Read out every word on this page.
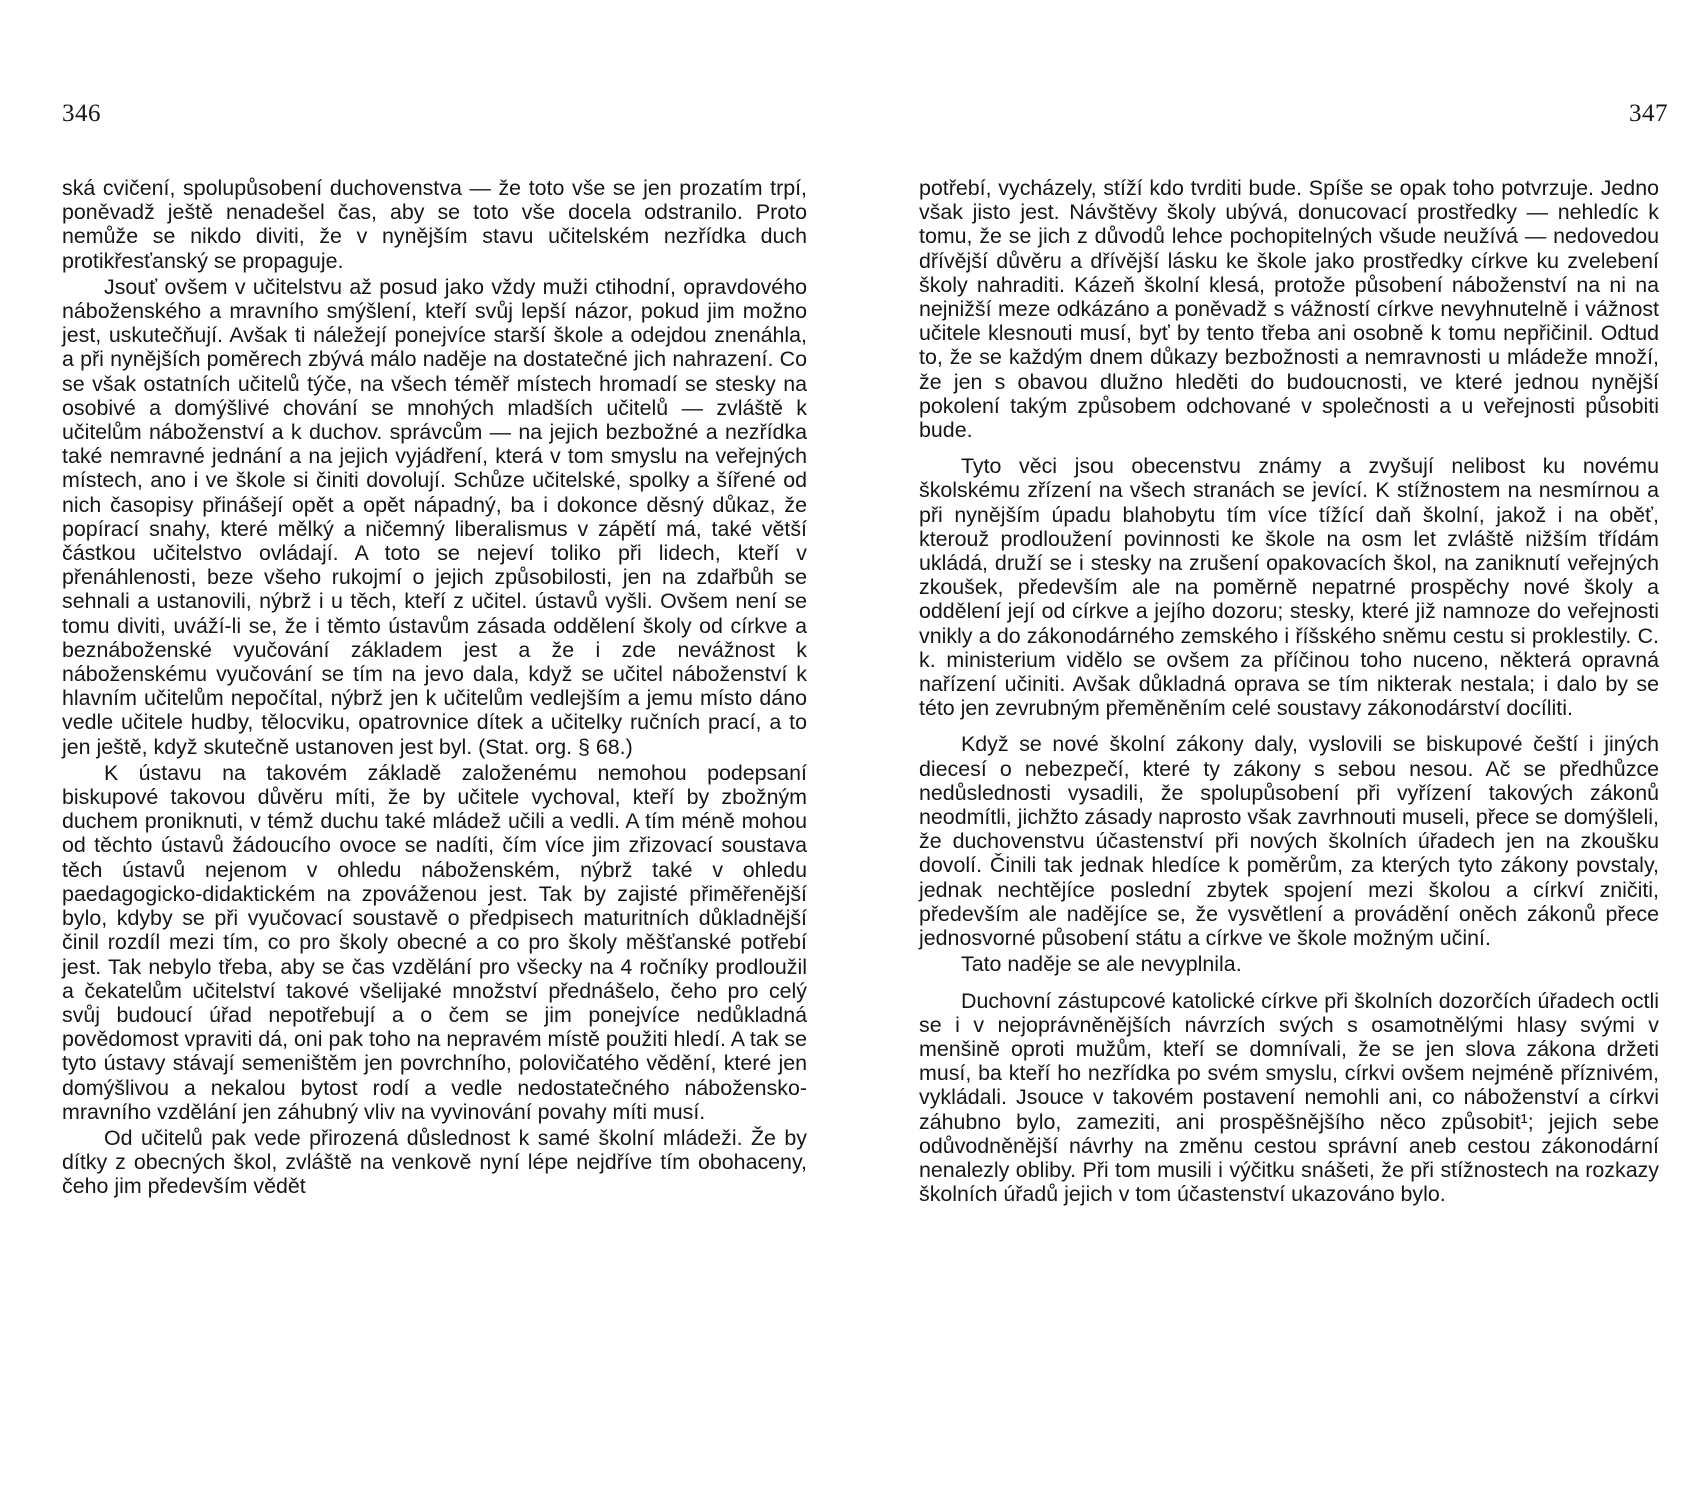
346

ská cvičení, spolupůsobení duchovenstva — že toto vše se jen prozatím trpí, poněvadž ještě nenadešel čas, aby se toto vše docela odstranilo. Proto nemůže se nikdo diviti, že v nynějším stavu učitelském nezřídka duch protikřesťanský se propaguje.

Jsouť ovšem v učitelstvu až posud jako vždy muži ctihodní, opravdového náboženského a mravního smýšlení, kteří svůj lepší názor, pokud jim možno jest, uskutečňují. Avšak ti náležejí ponejvíce starší škole a odejdou znenáhla, a při nynějších poměrech zbývá málo naděje na dostatečné jich nahrazení. Co se však ostatních učitelů týče, na všech téměř místech hromadí se stesky na osobivé a domýšlivé chování se mnohých mladších učitelů — zvláště k učitelům náboženství a k duchov. správcům — na jejich bezbožné a nezřídka také nemravné jednání a na jejich vyjádření, která v tom smyslu na veřejných místech, ano i ve škole si činiti dovolují. Schůze učitelské, spolky a šířené od nich časopisy přinášejí opět a opět nápadný, ba i dokonce děsný důkaz, že popírací snahy, které mělký a ničemný liberalismus v zápětí má, také větší částkou učitelstvo ovládají. A toto se nejeví toliko při lidech, kteří v přenáhlenosti, beze všeho rukojmí o jejich způsobilosti, jen na zdařbůh se sehnali a ustanovili, nýbrž i u těch, kteří z učitel. ústavů vyšli. Ovšem není se tomu diviti, uváží-li se, že i těmto ústavům zásada oddělení školy od církve a beznáboženské vyučování základem jest a že i zde nevážnost k náboženskému vyučování se tím na jevo dala, když se učitel náboženství k hlavním učitelům nepočítal, nýbrž jen k učitelům vedlejším a jemu místo dáno vedle učitele hudby, tělocviku, opatrovnice dítek a učitelky ručních prací, a to jen ještě, když skutečně ustanoven jest byl. (Stat. org. § 68.)

K ústavu na takovém základě založenému nemohou podepsaní biskupové takovou důvěru míti, že by učitele vychoval, kteří by zbožným duchem proniknuti, v témž duchu také mládež učili a vedli. A tím méně mohou od těchto ústavů žádoucího ovoce se nadíti, čím více jim zřizovací soustava těch ústavů nejenom v ohledu náboženském, nýbrž také v ohledu paedagogicko-didaktickém na zpováženou jest. Tak by zajisté přiměřenější bylo, kdyby se při vyučovací soustavě o předpisech maturitních důkladnější činil rozdíl mezi tím, co pro školy obecné a co pro školy měšťanské potřebí jest. Tak nebylo třeba, aby se čas vzdělání pro všecky na 4 ročníky prodloužil a čekatelům učitelství takové všelijaké množství přednášelo, čeho pro celý svůj budoucí úřad nepotřebují a o čem se jim ponejvíce nedůkladná povědomost vpraviti dá, oni pak toho na nepravém místě použiti hledí. A tak se tyto ústavy stávají semeništěm jen povrchního, polovičatého vědění, které jen domýšlivou a nekalou bytost rodí a vedle nedostatečného nábožensko-mravního vzdělání jen záhubný vliv na vyvinování povahy míti musí.

Od učitelů pak vede přirozená důslednost k samé školní mládeži. Že by dítky z obecných škol, zvláště na venkově nyní lépe nejdříve tím obohaceny, čeho jim především vědět

347

potřebí, vycházely, stíží kdo tvrditi bude. Spíše se opak toho potvrzuje. Jedno však jisto jest. Návštěvy školy ubývá, donucovací prostředky — nehledíc k tomu, že se jich z důvodů lehce pochopitelných všude neužívá — nedovedou dřívější důvěru a dřívější lásku ke škole jako prostředky církve ku zvelebení školy nahraditi. Kázeň školní klesá, protože působení náboženství na ni na nejnižší meze odkázáno a poněvadž s vážností církve nevyhnutelně i vážnost učitele klesnouti musí, byť by tento třeba ani osobně k tomu nepřičinil. Odtud to, že se každým dnem důkazy bezbožnosti a nemravnosti u mládeže množí, že jen s obavou dlužno hleděti do budoucnosti, ve které jednou nynější pokolení takým způsobem odchované v společnosti a u veřejnosti působiti bude.

Tyto věci jsou obecenstvu známy a zvyšují nelibost ku novému školskému zřízení na všech stranách se jevící. K stížnostem na nesmírnou a při nynějším úpadu blahobytu tím více tížící daň školní, jakož i na oběť, kterouž prodloužení povinnosti ke škole na osm let zvláště nižším třídám ukládá, druží se i stesky na zrušení opakovacích škol, na zaniknutí veřejných zkoušek, především ale na poměrně nepatrné prospěchy nové školy a oddělení její od církve a jejího dozoru; stesky, které již namnoze do veřejnosti vnikly a do zákonodárného zemského i říšského sněmu cestu si proklestily. C. k. ministerium vidělo se ovšem za příčinou toho nuceno, některá opravná nařízení učiniti. Avšak důkladná oprava se tím nikterak nestala; i dalo by se této jen zevrubným přeměněním celé soustavy zákonodárství docíliti.

Když se nové školní zákony daly, vyslovili se biskupové čeští i jiných diecesí o nebezpečí, které ty zákony s sebou nesou. Ač se předhůzce nedůslednosti vysadili, že spolupůsobení při vyřízení takových zákonů neodmítli, jichžto zásady naprosto však zavrhnouti museli, přece se domýšleli, že duchovenstvu účastenství při nových školních úřadech jen na zkoušku dovolí. Činili tak jednak hledíce k poměrům, za kterých tyto zákony povstaly, jednak nechtějíce poslední zbytek spojení mezi školou a církví zničiti, především ale nadějíce se, že vysvětlení a provádění oněch zákonů přece jednosvorné působení státu a církve ve škole možným učiní.

Tato naděje se ale nevyplnila.

Duchovní zástupcové katolické církve při školních dozorčích úřadech octli se i v nejoprávněnějších návrzích svých s osamotnělými hlasy svými v menšině oproti mužům, kteří se domnívali, že se jen slova zákona držeti musí, ba kteří ho nezřídka po svém smyslu, církvi ovšem nejméně příznivém, vykládali. Jsouce v takovém postavení nemohli ani, co náboženství a církvi záhubno bylo, zameziti, ani prospěšnějšího něco způsobit¹; jejich sebe odůvodněnější návrhy na změnu cestou správní aneb cestou zákonodární nenalezly obliby. Při tom musili i výčitku snášeti, že při stížnostech na rozkazy školních úřadů jejich v tom účastenství ukazováno bylo.
